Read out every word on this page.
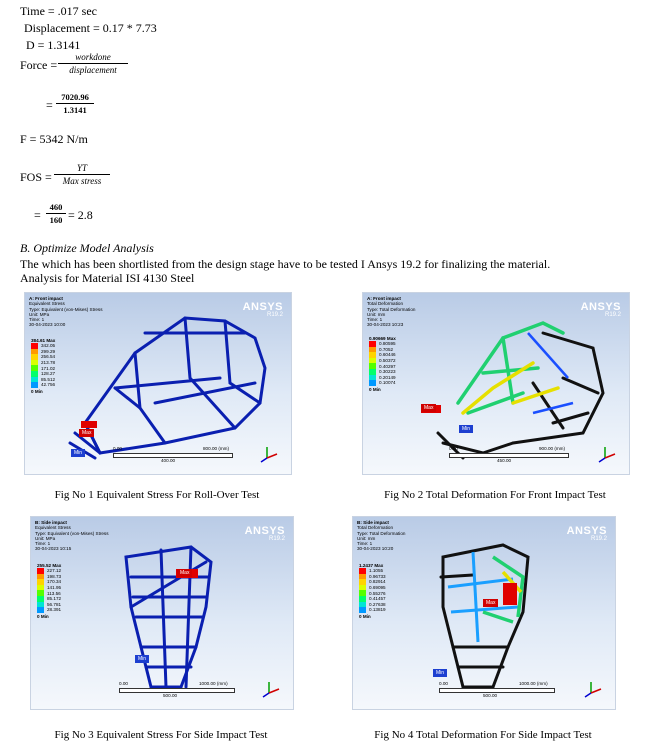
Time = .017 sec
Displacement = 0.17 * 7.73
D = 1.3141
Force =
workdone
displacement
= $\frac{7020.96}{1.3141}$
F = 5342 N/m
FOS =
YT
Max stress
= $\frac{460}{160} = 2.8$
B. Optimize Model Analysis
The which has been shortlisted from the design stage have to be tested I Ansys 19.2 for finalizing the material.
Analysis for Material ISI 4130 Steel
A: Front impact
Equivalent Stress
Type: Equivalent (von-Mises) Stress
Unit: MPa
Time: 1
30-04-2023 10:00
ANSYS
R19.2
384.61 Max
342.05
299.29
256.54
213.78
171.02
128.27
85.512
42.756
0 Min
Max
Min
0.00	800.00 (mm)
400.00
Fig No 1 Equivalent Stress For Roll-Over Test
A: Front impact
Total Deformation
Type: Total Deformation
Unit: mm
Time: 1
30-04-2023 10:23
ANSYS
R19.2
0.90669 Max
0.80595
0.7052
0.60446
0.50372
0.40297
0.30223
0.20149
0.10074
0 Min
Max
Min
0.00	900.00 (mm)
450.00
Fig No 2 Total Deformation For Front Impact Test
B: Side impact
Equivalent Stress
Type: Equivalent (von-Mises) Stress
Unit: MPa
Time: 1
30-04-2023 10:15
ANSYS
R19.2
255.52 Max
227.12
198.73
170.34
141.95
113.56
85.172
56.781
28.391
0 Min
Max
Min
0.00	1000.00 (mm)
500.00
Fig No 3 Equivalent Stress For Side Impact Test
B: Side impact
Total Deformation
Type: Total Deformation
Unit: mm
Time: 1
30-04-2023 10:20
ANSYS
R19.2
1.2437 Max
1.1055
0.96733
0.82914
0.69095
0.55276
0.41457
0.27638
0.13819
0 Min
Max
Min
0.00	1000.00 (mm)
500.00
Fig No 4 Total Deformation For Side Impact Test
